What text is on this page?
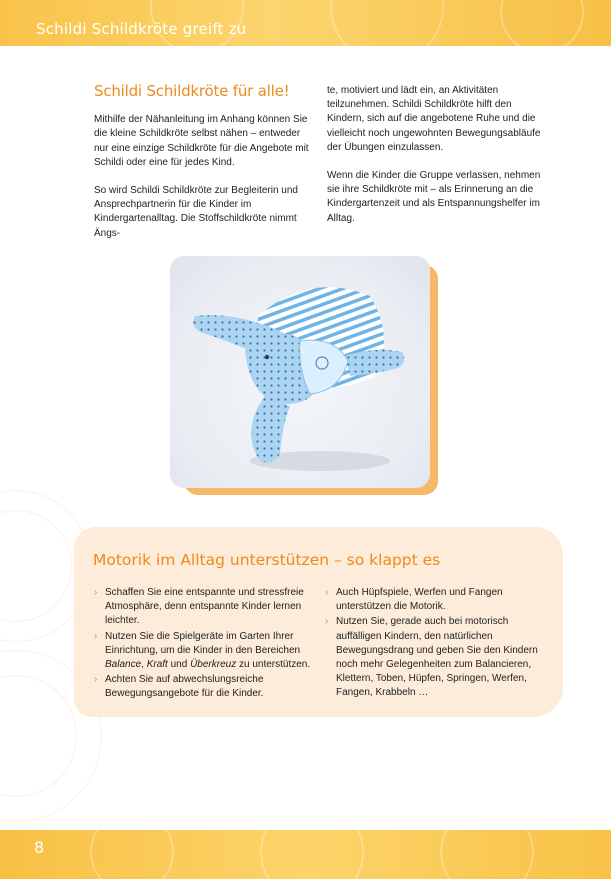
Schildi Schildkröte greift zu
Schildi Schildkröte für alle!

Mithilfe der Nähanleitung im Anhang können Sie die kleine Schildkröte selbst nähen – entweder nur eine einzige Schildkröte für die Angebote mit Schildi oder eine für jedes Kind.

So wird Schildi Schildkröte zur Begleiterin und Ansprechpartnerin für die Kinder im Kindergartenalltag. Die Stoffschildkröte nimmt Ängs-

te, motiviert und lädt ein, an Aktivitäten teilzunehmen. Schildi Schildkröte hilft den Kindern, sich auf die angebotene Ruhe und die vielleicht noch ungewohnten Bewegungsabläufe der Übungen einzulassen.

Wenn die Kinder die Gruppe verlassen, nehmen sie ihre Schildkröte mit – als Erinnerung an die Kindergartenzeit und als Entspannungshelfer im Alltag.

Motorik im Alltag unterstützen – so klappt es
› Schaffen Sie eine entspannte und stressfreie Atmosphäre, denn entspannte Kinder lernen leichter.
› Nutzen Sie die Spielgeräte im Garten Ihrer Einrichtung, um die Kinder in den Bereichen Balance, Kraft und Überkreuz zu unterstützen.
› Achten Sie auf abwechslungsreiche Bewegungsangebote für die Kinder.
› Auch Hüpfspiele, Werfen und Fangen unterstützen die Motorik.
› Nutzen Sie, gerade auch bei motorisch auffälligen Kindern, den natürlichen Bewegungsdrang und geben Sie den Kindern noch mehr Gelegenheiten zum Balancieren, Klettern, Toben, Hüpfen, Springen, Werfen, Fangen, Krabbeln …
8
